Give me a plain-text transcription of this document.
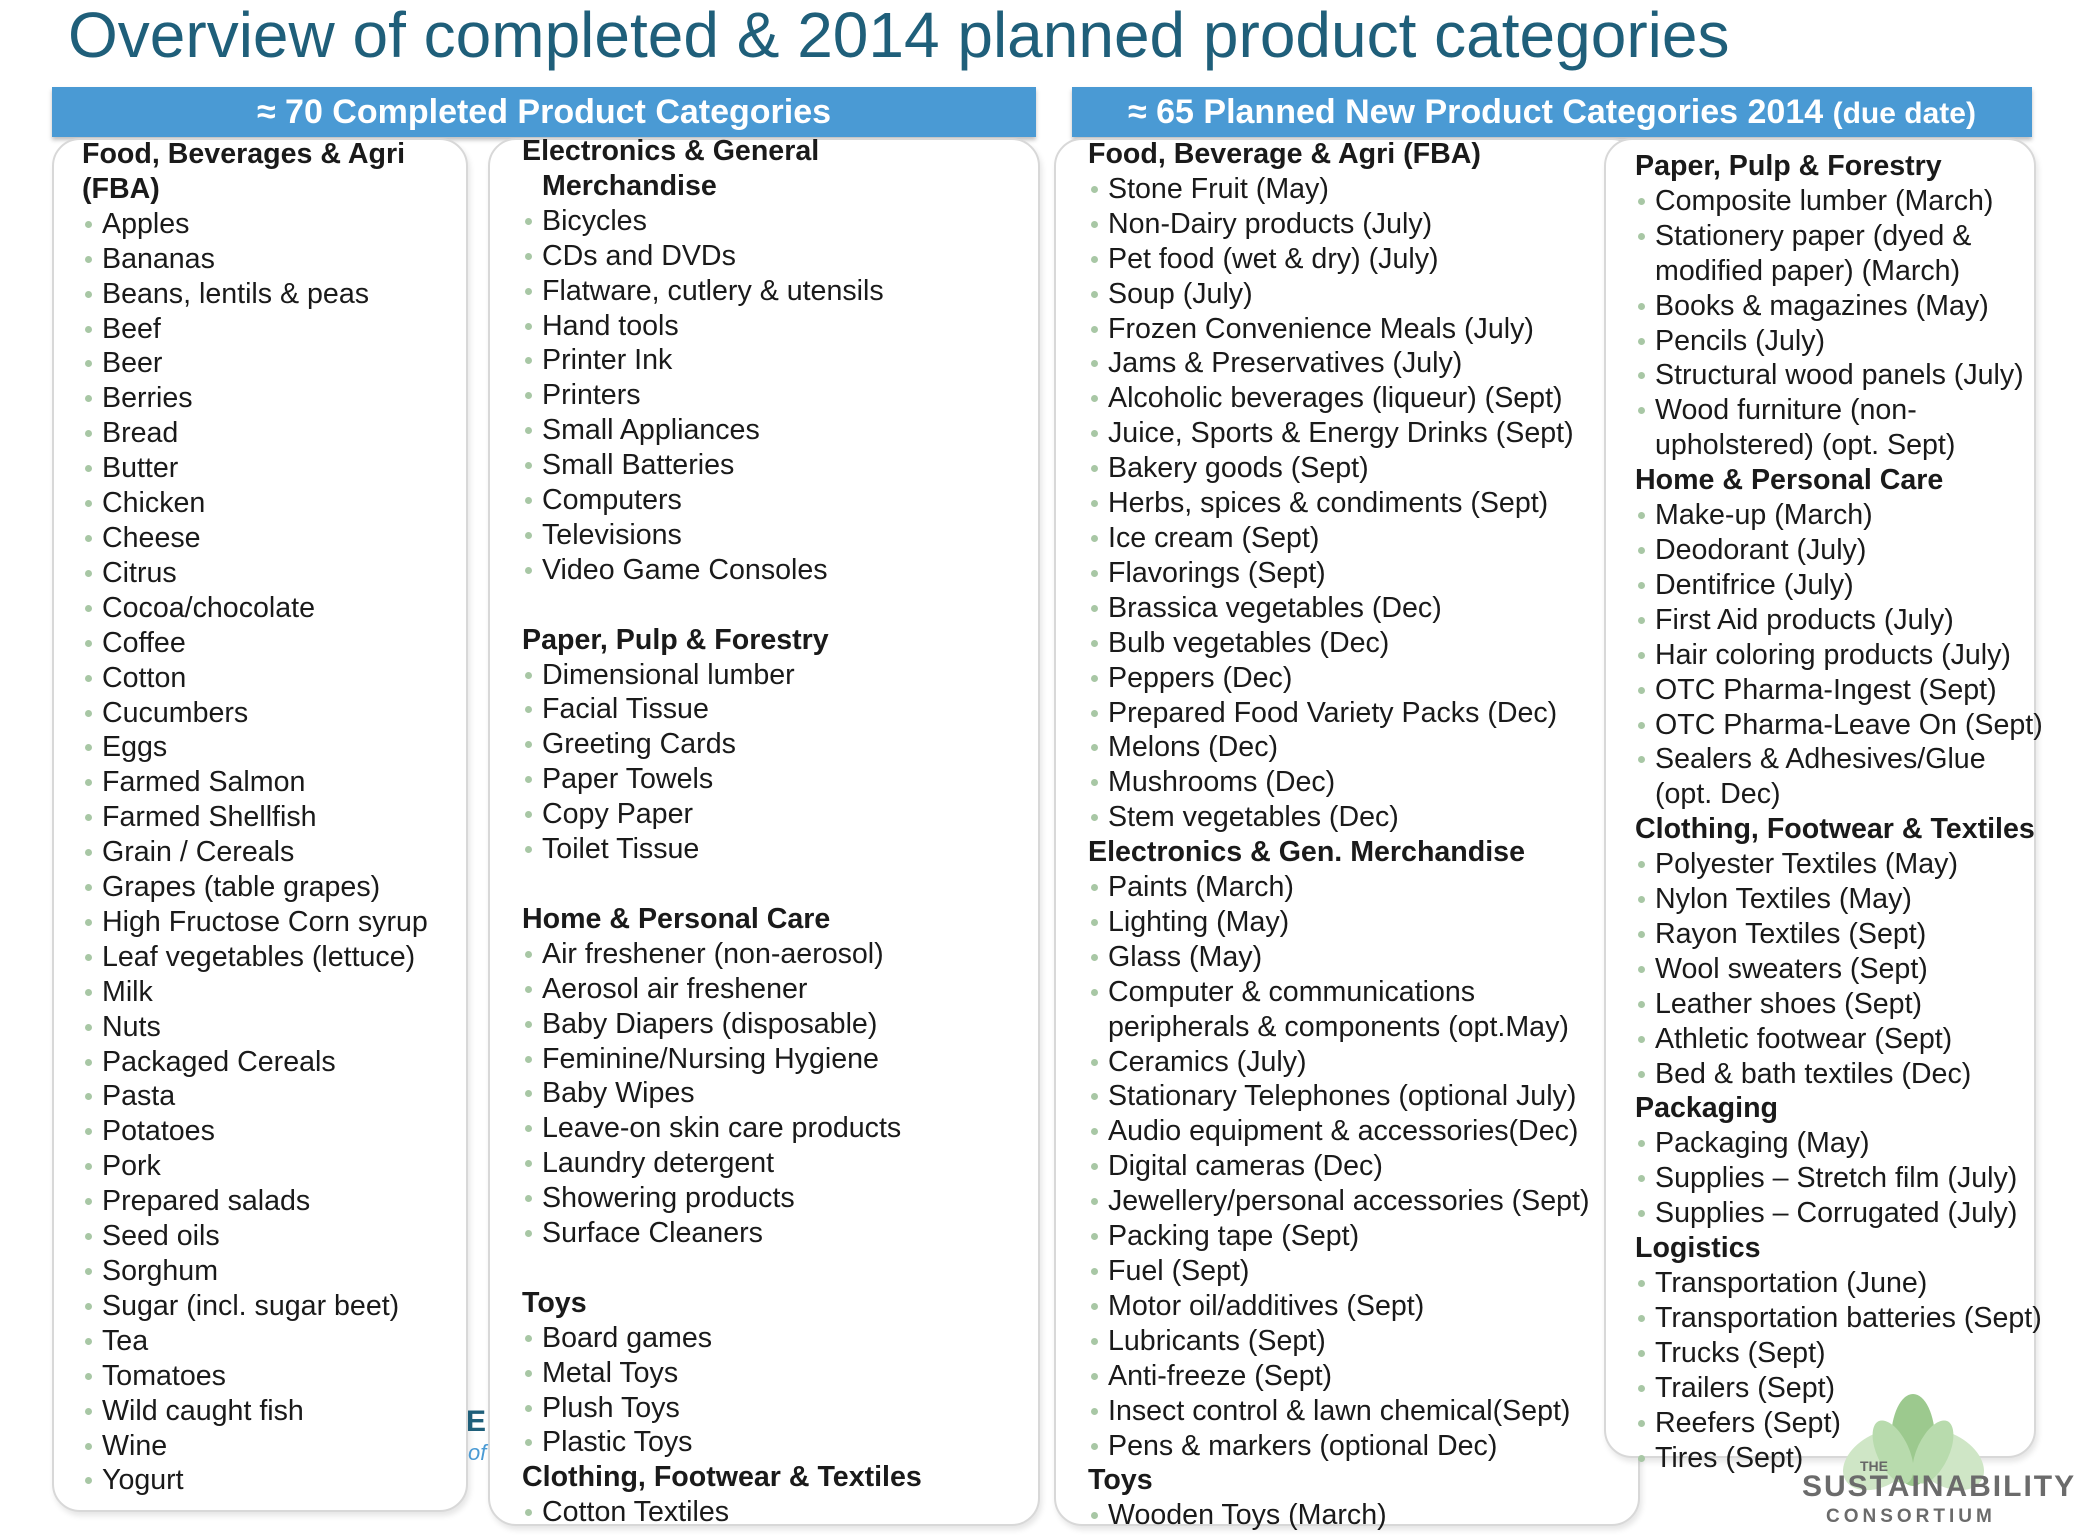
Overview of completed & 2014 planned product categories
≈ 70 Completed Product Categories	≈ 65 Planned New Product Categories 2014 (due date)
Food, Beverages & Agri
(FBA)
Apples
Bananas
Beans, lentils & peas
Beef
Beer
Berries
Bread
Butter
Chicken
Cheese
Citrus
Cocoa/chocolate
Coffee
Cotton
Cucumbers
Eggs
Farmed Salmon
Farmed Shellfish
Grain / Cereals
Grapes (table grapes)
High Fructose Corn syrup
Leaf vegetables (lettuce)
Milk
Nuts
Packaged Cereals
Pasta
Potatoes
Pork
Prepared salads
Seed oils
Sorghum
Sugar (incl. sugar beet)
Tea
Tomatoes
Wild caught fish
Wine
Yogurt
Electronics & General
Merchandise
Bicycles
CDs and DVDs
Flatware, cutlery & utensils
Hand tools
Printer Ink
Printers
Small Appliances
Small Batteries
Computers
Televisions
Video Game Consoles
Paper, Pulp & Forestry
Dimensional lumber
Facial Tissue
Greeting Cards
Paper Towels
Copy Paper
Toilet Tissue
Home & Personal Care
Air freshener (non-aerosol)
Aerosol air freshener
Baby Diapers (disposable)
Feminine/Nursing Hygiene
Baby Wipes
Leave-on skin care products
Laundry detergent
Showering products
Surface Cleaners
Toys
Board games
Metal Toys
Plush Toys
Plastic Toys
Clothing, Footwear & Textiles
Cotton Textiles
Food, Beverage & Agri (FBA)
Stone Fruit (May)
Non-Dairy products (July)
Pet food (wet & dry) (July)
Soup (July)
Frozen Convenience Meals (July)
Jams & Preservatives (July)
Alcoholic beverages (liqueur) (Sept)
Juice, Sports & Energy Drinks (Sept)
Bakery goods (Sept)
Herbs, spices & condiments (Sept)
Ice cream (Sept)
Flavorings (Sept)
Brassica vegetables (Dec)
Bulb vegetables (Dec)
Peppers (Dec)
Prepared Food Variety Packs (Dec)
Melons (Dec)
Mushrooms (Dec)
Stem vegetables (Dec)
Electronics & Gen. Merchandise
Paints (March)
Lighting (May)
Glass (May)
Computer & communications
peripherals & components (opt.May)
Ceramics (July)
Stationary Telephones (optional July)
Audio equipment & accessories(Dec)
Digital cameras (Dec)
Jewellery/personal accessories (Sept)
Packing tape (Sept)
Fuel (Sept)
Motor oil/additives (Sept)
Lubricants (Sept)
Anti-freeze (Sept)
Insect control & lawn chemical(Sept)
Pens & markers (optional Dec)
Toys
Wooden Toys (March)
Paper, Pulp & Forestry
Composite lumber (March)
Stationery paper (dyed &
modified paper) (March)
Books & magazines (May)
Pencils (July)
Structural wood panels (July)
Wood furniture (non-
upholstered) (opt. Sept)
Home & Personal Care
Make-up (March)
Deodorant (July)
Dentifrice (July)
First Aid products (July)
Hair coloring products (July)
OTC Pharma-Ingest (Sept)
OTC Pharma-Leave On (Sept)
Sealers & Adhesives/Glue
(opt. Dec)
Clothing, Footwear & Textiles
Polyester Textiles (May)
Nylon Textiles (May)
Rayon Textiles (Sept)
Wool sweaters (Sept)
Leather shoes (Sept)
Athletic footwear (Sept)
Bed & bath textiles (Dec)
Packaging
Packaging (May)
Supplies – Stretch film (July)
Supplies – Corrugated (July)
Logistics
Transportation (June)
Transportation batteries (Sept)
Trucks (Sept)
Trailers (Sept)
Reefers (Sept)
Tires (Sept)
E
of
THE
SUSTAINABILITY
CONSORTIUM
